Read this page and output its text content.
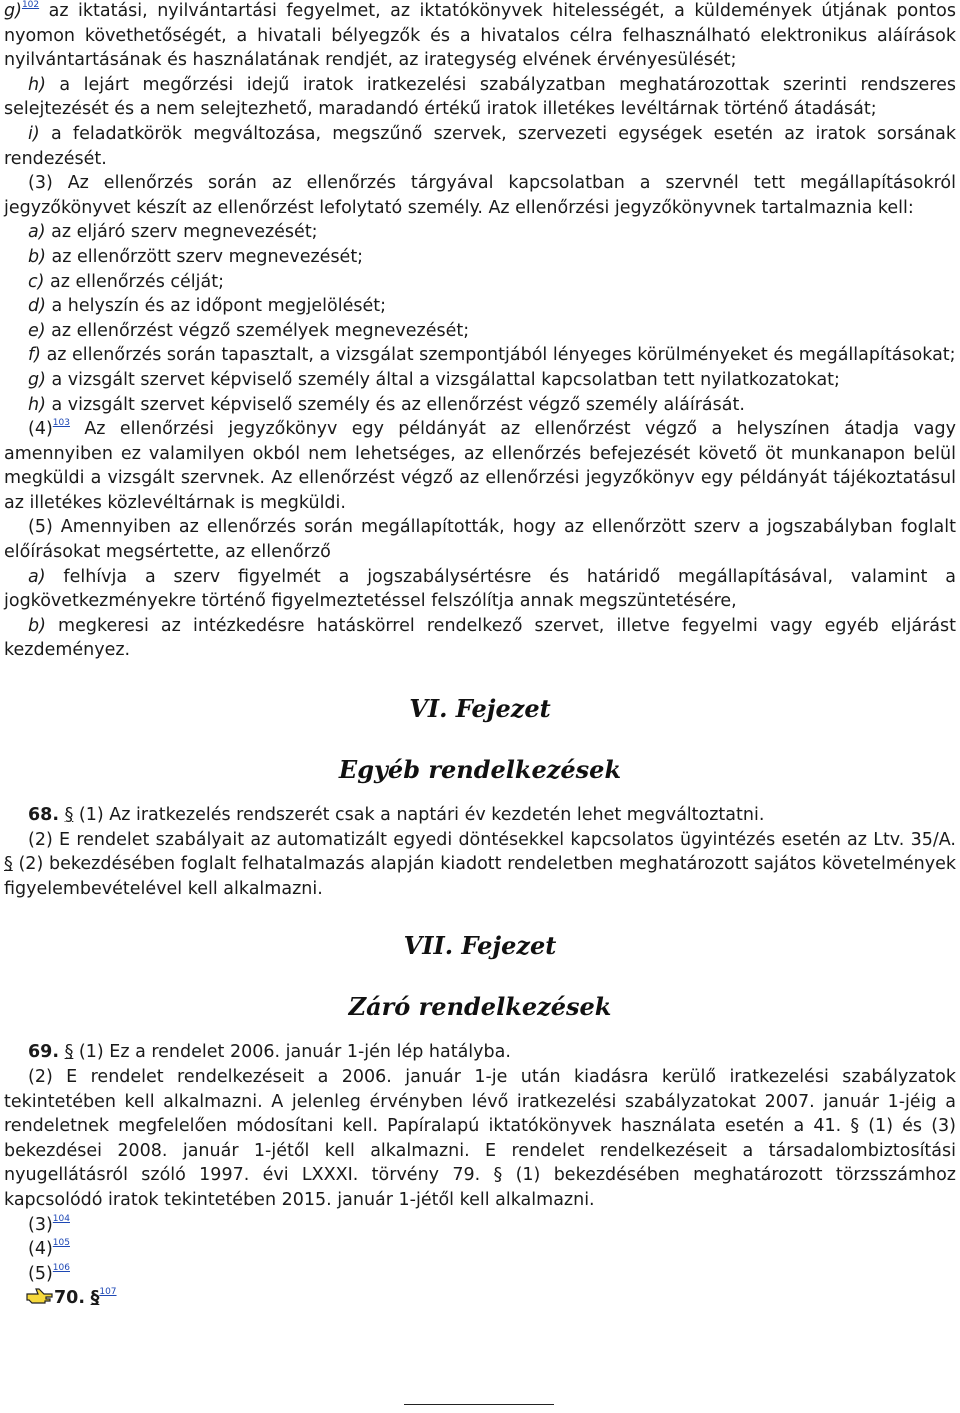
g)$^{102}$ az iktatási, nyilvántartási fegyelmet, az iktatókönyvek hitelességét, a küldemények útjának pontos nyomon követhetőségét, a hivatali bélyegzők és a hivatalos célra felhasználható elektronikus aláírások nyilvántartásának és használatának rendjét, az irategység elvének érvényesülését;

h) a lejárt megőrzési idejű iratok iratkezelési szabályzatban meghatározottak szerinti rendszeres selejtezését és a nem selejtezhető, maradandó értékű iratok illetékes levéltárnak történő átadását;

i) a feladatkörök megváltozása, megszűnő szervek, szervezeti egységek esetén az iratok sorsának rendezését.

(3) Az ellenőrzés során az ellenőrzés tárgyával kapcsolatban a szervnél tett megállapításokról jegyzőkönyvet készít az ellenőrzést lefolytató személy. Az ellenőrzési jegyzőkönyvnek tartalmaznia kell:

a) az eljáró szerv megnevezését;

b) az ellenőrzött szerv megnevezését;

c) az ellenőrzés célját;

d) a helyszín és az időpont megjelölését;

e) az ellenőrzést végző személyek megnevezését;

f) az ellenőrzés során tapasztalt, a vizsgálat szempontjából lényeges körülményeket és megállapításokat;

g) a vizsgált szervet képviselő személy által a vizsgálattal kapcsolatban tett nyilatkozatokat;

h) a vizsgált szervet képviselő személy és az ellenőrzést végző személy aláírását.

(4)$^{103}$ Az ellenőrzési jegyzőkönyv egy példányát az ellenőrzést végző a helyszínen átadja vagy amennyiben ez valamilyen okból nem lehetséges, az ellenőrzés befejezését követő öt munkanapon belül megküldi a vizsgált szervnek. Az ellenőrzést végző az ellenőrzési jegyzőkönyv egy példányát tájékoztatásul az illetékes közlevéltárnak is megküldi.

(5) Amennyiben az ellenőrzés során megállapították, hogy az ellenőrzött szerv a jogszabályban foglalt előírásokat megsértette, az ellenőrző

a) felhívja a szerv figyelmét a jogszabálysértésre és határidő megállapításával, valamint a jogkövetkezményekre történő figyelmeztetéssel felszólítja annak megszüntetésére,

b) megkeresi az intézkedésre hatáskörrel rendelkező szervet, illetve fegyelmi vagy egyéb eljárást kezdeményez.

VI. Fejezet
Egyéb rendelkezések

68. § (1) Az iratkezelés rendszerét csak a naptári év kezdetén lehet megváltoztatni.

(2) E rendelet szabályait az automatizált egyedi döntésekkel kapcsolatos ügyintézés esetén az Ltv. 35/A. § (2) bekezdésében foglalt felhatalmazás alapján kiadott rendeletben meghatározott sajátos követelmények figyelembevételével kell alkalmazni.

VII. Fejezet
Záró rendelkezések

69. § (1) Ez a rendelet 2006. január 1-jén lép hatályba.

(2) E rendelet rendelkezéseit a 2006. január 1-je után kiadásra kerülő iratkezelési szabályzatok tekintetében kell alkalmazni. A jelenleg érvényben lévő iratkezelési szabályzatokat 2007. január 1-jéig a rendeletnek megfelelően módosítani kell. Papíralapú iktatókönyvek használata esetén a 41. § (1) és (3) bekezdései 2008. január 1-jétől kell alkalmazni. E rendelet rendelkezéseit a társadalombiztosítási nyugellátásról szóló 1997. évi LXXXI. törvény 79. § (1) bekezdésében meghatározott törzsszámhoz kapcsolódó iratok tekintetében 2015. január 1-jétől kell alkalmazni.

(3)$^{104}$

(4)$^{105}$

(5)$^{106}$

70. §$^{107}$
